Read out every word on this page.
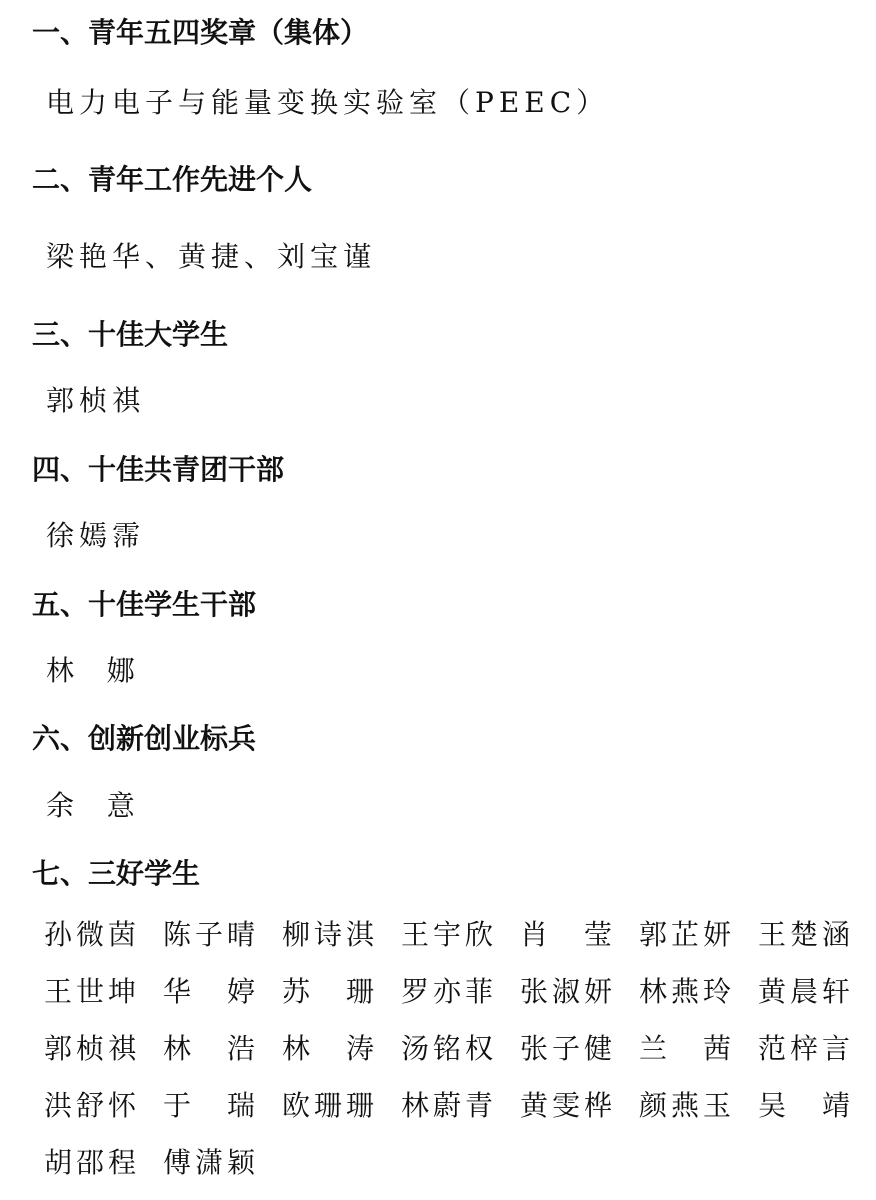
一、青年五四奖章（集体）

电力电子与能量变换实验室（PEEC）

二、青年工作先进个人

梁艳华、黄捷、刘宝谨

三、十佳大学生

郭桢祺

四、十佳共青团干部

徐嫣霈

五、十佳学生干部

林  娜

六、创新创业标兵

余  意

七、三好学生
孙 微 茵 陈 子 晴 柳 诗 淇 王 宇 欣 肖 莹 郭 芷 妍 王 楚 涵
王 世 坤 华 婷 苏 珊 罗 亦 菲 张 淑 妍 林 燕 玲 黄 晨 轩
郭 桢 祺 林 浩 林 涛 汤 铭 权 张 子 健 兰 茜 范 梓 言
洪 舒 怀 于 瑞 欧 珊 珊 林 蔚 青 黄 雯 桦 颜 燕 玉 吴 靖
胡 邵 程 傅 潇 颖
